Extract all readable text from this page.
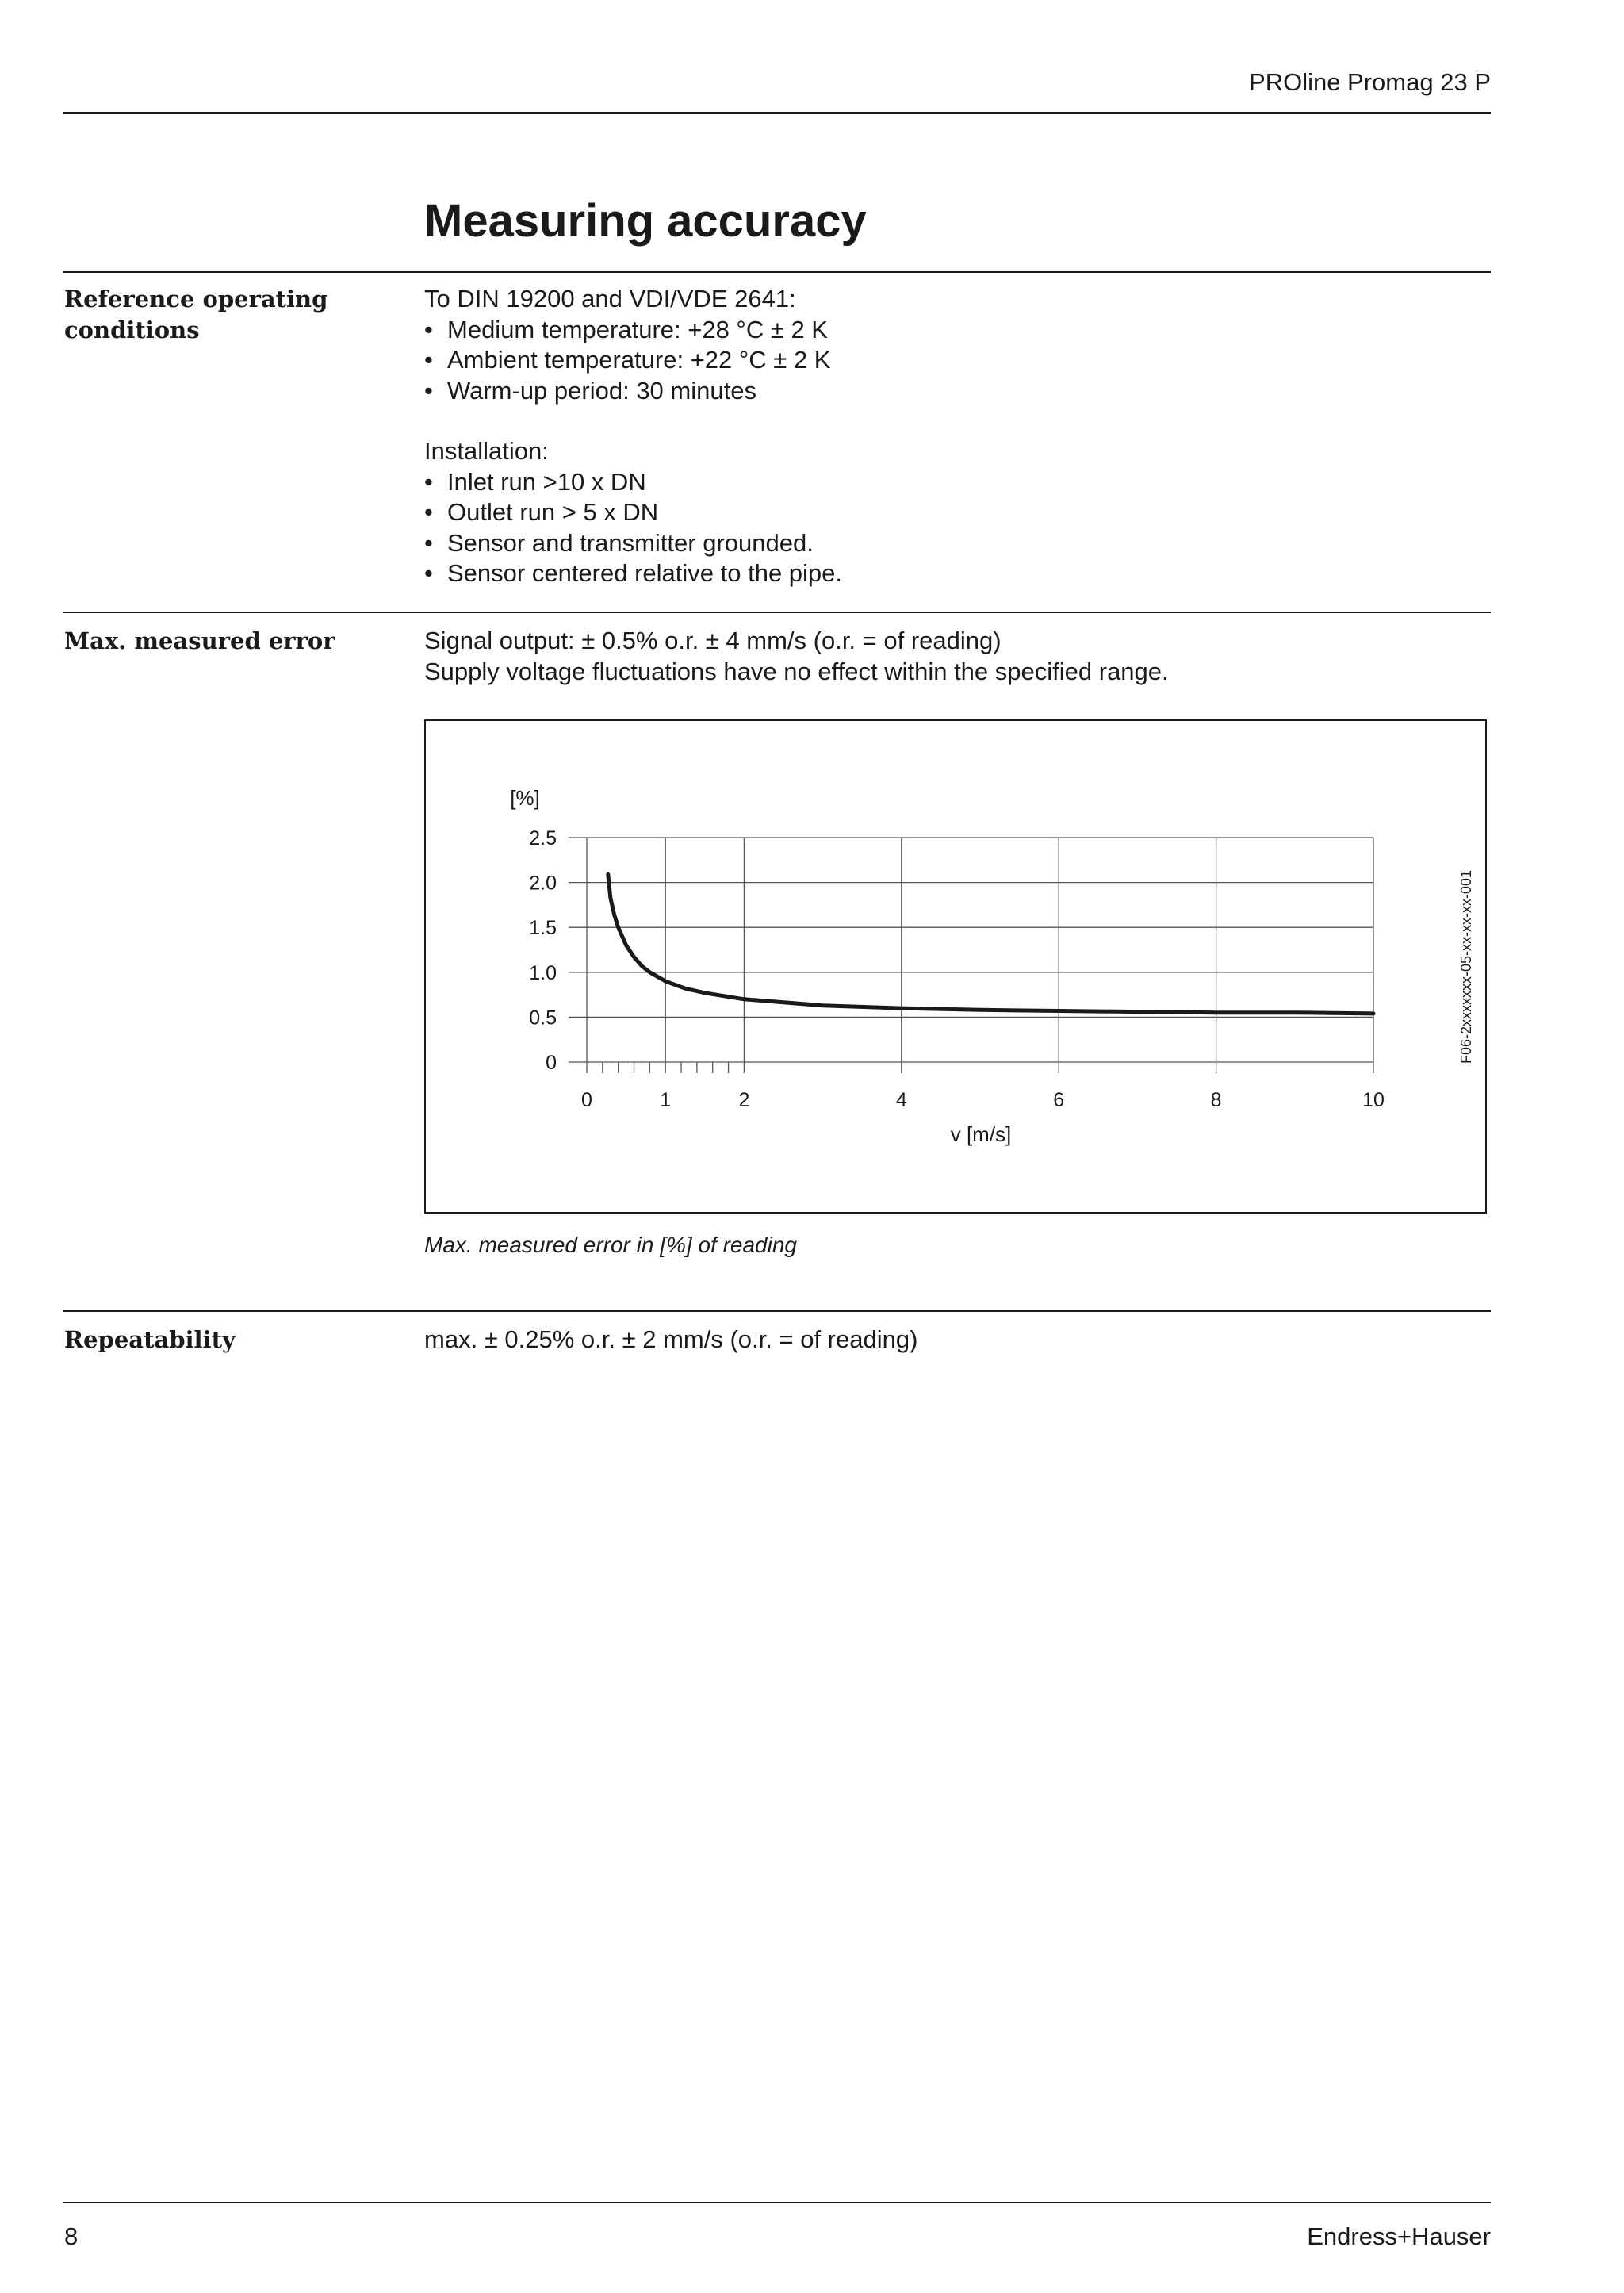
PROline Promag 23 P
Measuring accuracy
Reference operating
conditions
To DIN 19200 and VDI/VDE 2641:
• Medium temperature: +28 °C ± 2 K
• Ambient temperature: +22 °C ± 2 K
• Warm-up period: 30 minutes
Installation:
• Inlet run >10 x DN
• Outlet run > 5 x DN
• Sensor and transmitter grounded.
• Sensor centered relative to the pipe.
Max. measured error	Signal output: ± 0.5% o.r. ± 4 mm/s (o.r. = of reading)
Supply voltage fluctuations have no effect within the specified range.
0
0.5
1.0
1.5
2.0
2.5
0	1	2	4	6	8	10
[%]
v [m/s]
F06-2xxxxxxx-05-xx-xx-xx-001
Max. measured error in [%] of reading
Repeatability	max. ± 0.25% o.r. ± 2 mm/s (o.r. = of reading)
8	Endress+Hauser
